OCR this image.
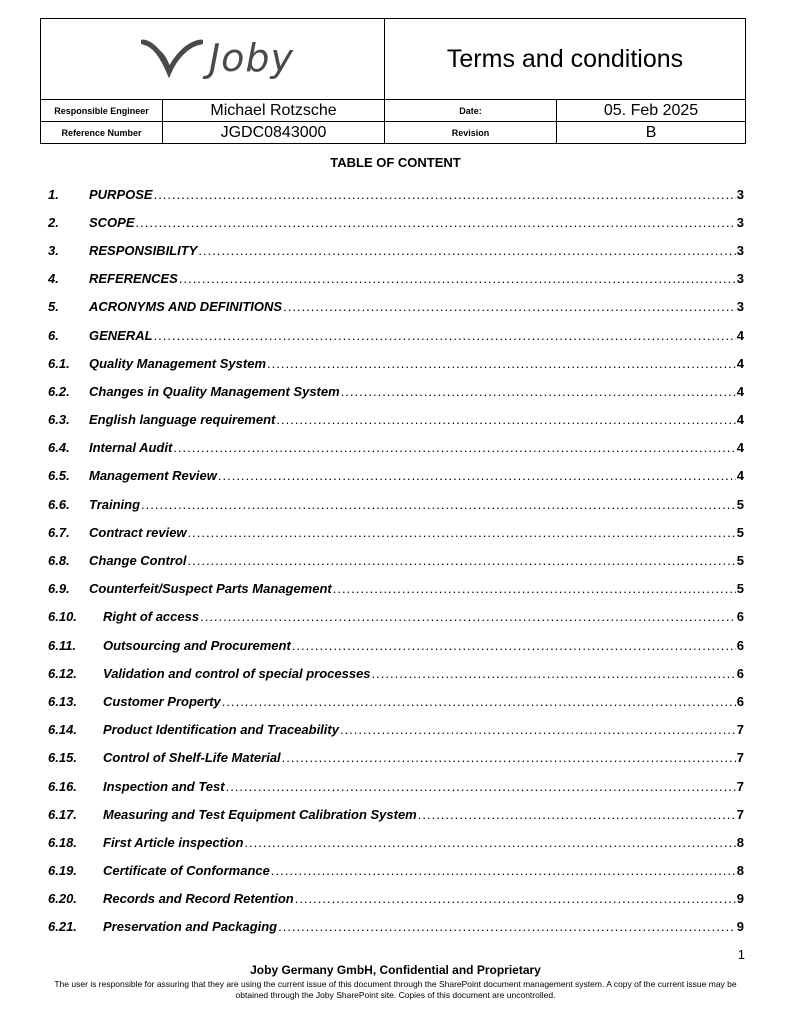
Joby		Terms and conditions	
Responsible Engineer	Michael Rotzsche	Date:	05. Feb 2025
Reference Number	JGDC0843000	Revision	B
TABLE OF CONTENT
1.	PURPOSE .....	3
2.	SCOPE .....	3
3.	RESPONSIBILITY .....	3
4.	REFERENCES .....	3
5.	ACRONYMS AND DEFINITIONS .....	3
6.	GENERAL .....	4
6.1.	Quality Management System .....	4
6.2.	Changes in Quality Management System .....	4
6.3.	English language requirement .....	4
6.4.	Internal Audit .....	4
6.5.	Management Review .....	4
6.6.	Training .....	5
6.7.	Contract review .....	5
6.8.	Change Control .....	5
6.9.	Counterfeit/Suspect Parts Management .....	5
6.10.	Right of access .....	6
6.11.	Outsourcing and Procurement .....	6
6.12.	Validation and control of special processes .....	6
6.13.	Customer Property .....	6
6.14.	Product Identification and Traceability .....	7
6.15.	Control of Shelf-Life Material .....	7
6.16.	Inspection and Test .....	7
6.17.	Measuring and Test Equipment Calibration System .....	7
6.18.	First Article inspection .....	8
6.19.	Certificate of Conformance .....	8
6.20.	Records and Record Retention .....	9
6.21.	Preservation and Packaging .....	9
1
Joby Germany GmbH, Confidential and Proprietary
The user is responsible for assuring that they are using the current issue of this document through the SharePoint document management system. A copy of the current issue may be obtained through the Joby SharePoint site. Copies of this document are uncontrolled.
